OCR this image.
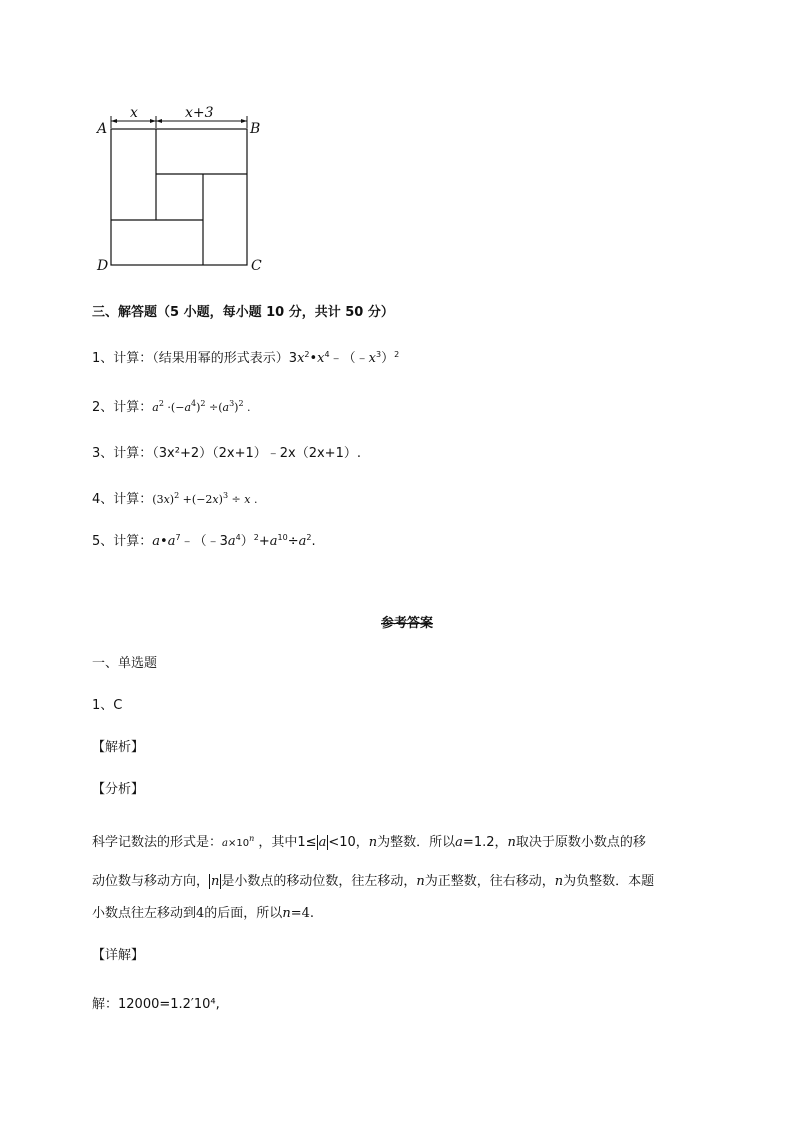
x	x+3
A	B
D	C
三、解答题（5 小题，每小题 10 分，共计 50 分）
1、计算：（结果用幂的形式表示）$3x^2•x^4﹣(﹣x^3)^2$
2、计算：$a^2 \cdot(-a^4)^2 \div(a^3)^2$ .
3、计算：（3x²+2）（2x+1）﹣2x（2x+1）.
4、计算：$(3x)^2 +(-2x)^3 \div x$ .
5、计算：$a•a^7﹣(﹣3a^4)^2+a^{10}\div a^2$.
参考答案
一、单选题
1、C
【解析】
【分析】
科学记数法的形式是：$a\times 10^n$ ，其中1≤ a <10，n为整数．所以a=1.2，n取决于原数小数点的移
动位数与移动方向， n 是小数点的移动位数，往左移动，n为正整数，往右移动，n为负整数．本题
小数点往左移动到4的后面，所以n=4.
【详解】
解：12000=1.2′10⁴,
